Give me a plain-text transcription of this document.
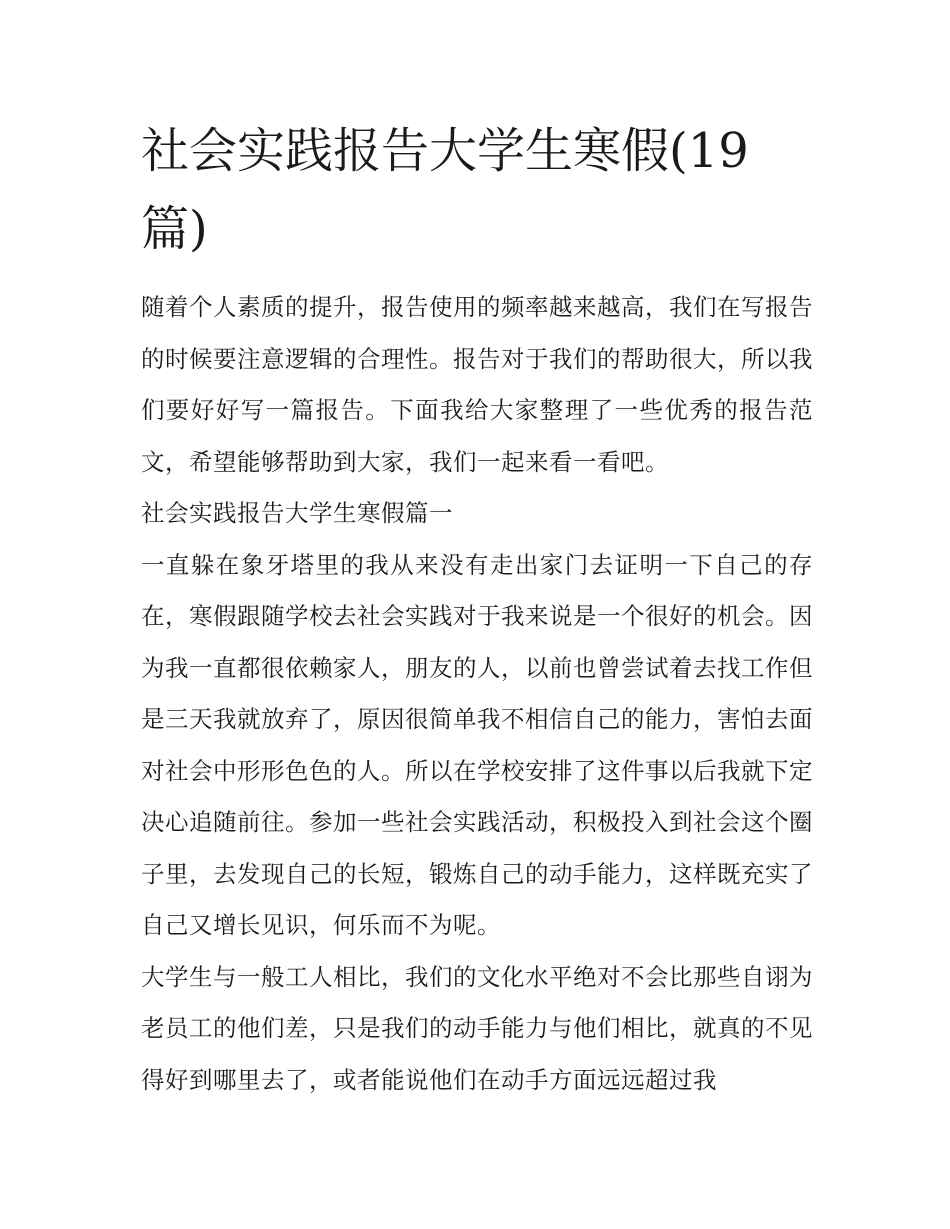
社会实践报告大学生寒假(19篇)

随着个人素质的提升，报告使用的频率越来越高，我们在写报告的时候要注意逻辑的合理性。报告对于我们的帮助很大，所以我们要好好写一篇报告。下面我给大家整理了一些优秀的报告范文，希望能够帮助到大家，我们一起来看一看吧。

社会实践报告大学生寒假篇一

一直躲在象牙塔里的我从来没有走出家门去证明一下自己的存在，寒假跟随学校去社会实践对于我来说是一个很好的机会。因为我一直都很依赖家人，朋友的人，以前也曾尝试着去找工作但是三天我就放弃了，原因很简单我不相信自己的能力，害怕去面对社会中形形色色的人。所以在学校安排了这件事以后我就下定决心追随前往。参加一些社会实践活动，积极投入到社会这个圈子里，去发现自己的长短，锻炼自己的动手能力，这样既充实了自己又增长见识，何乐而不为呢。

大学生与一般工人相比，我们的文化水平绝对不会比那些自诩为老员工的他们差，只是我们的动手能力与他们相比，就真的不见得好到哪里去了，或者能说他们在动手方面远远超过我
